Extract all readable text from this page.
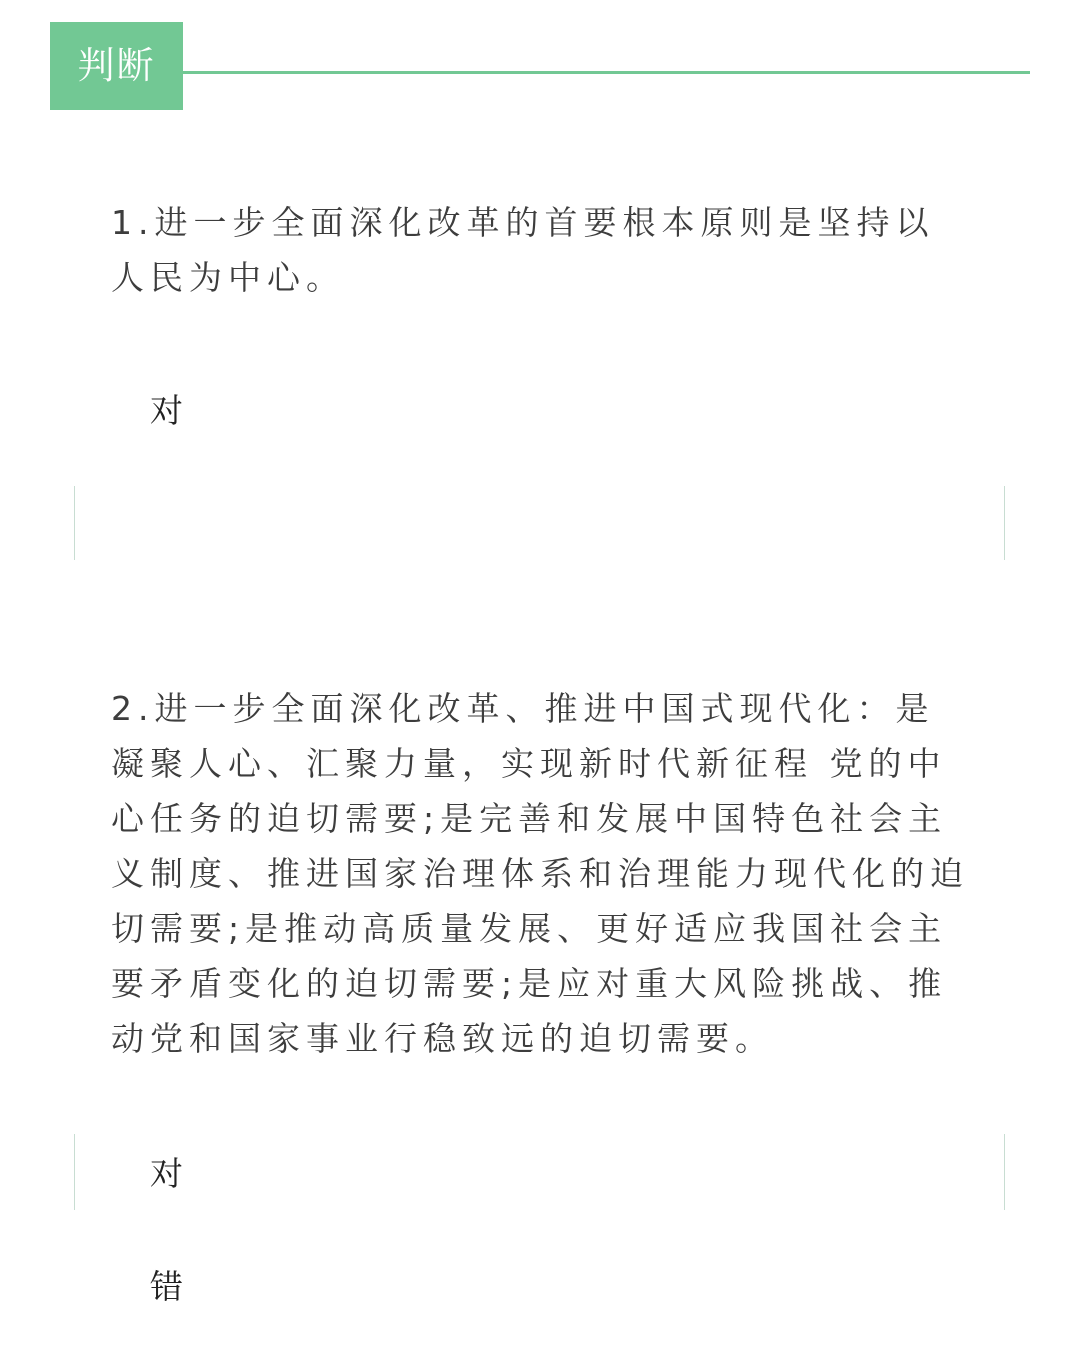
判断
1.进一步全面深化改革的首要根本原则是坚持以人民为中心。
对
2.进一步全面深化改革、推进中国式现代化：是凝聚人心、汇聚力量，实现新时代新征程 党的中心任务的迫切需要;是完善和发展中国特色社会主义制度、推进国家治理体系和治理能力现代化的迫切需要;是推动高质量发展、更好适应我国社会主要矛盾变化的迫切需要;是应对重大风险挑战、推动党和国家事业行稳致远的迫切需要。
对
错
